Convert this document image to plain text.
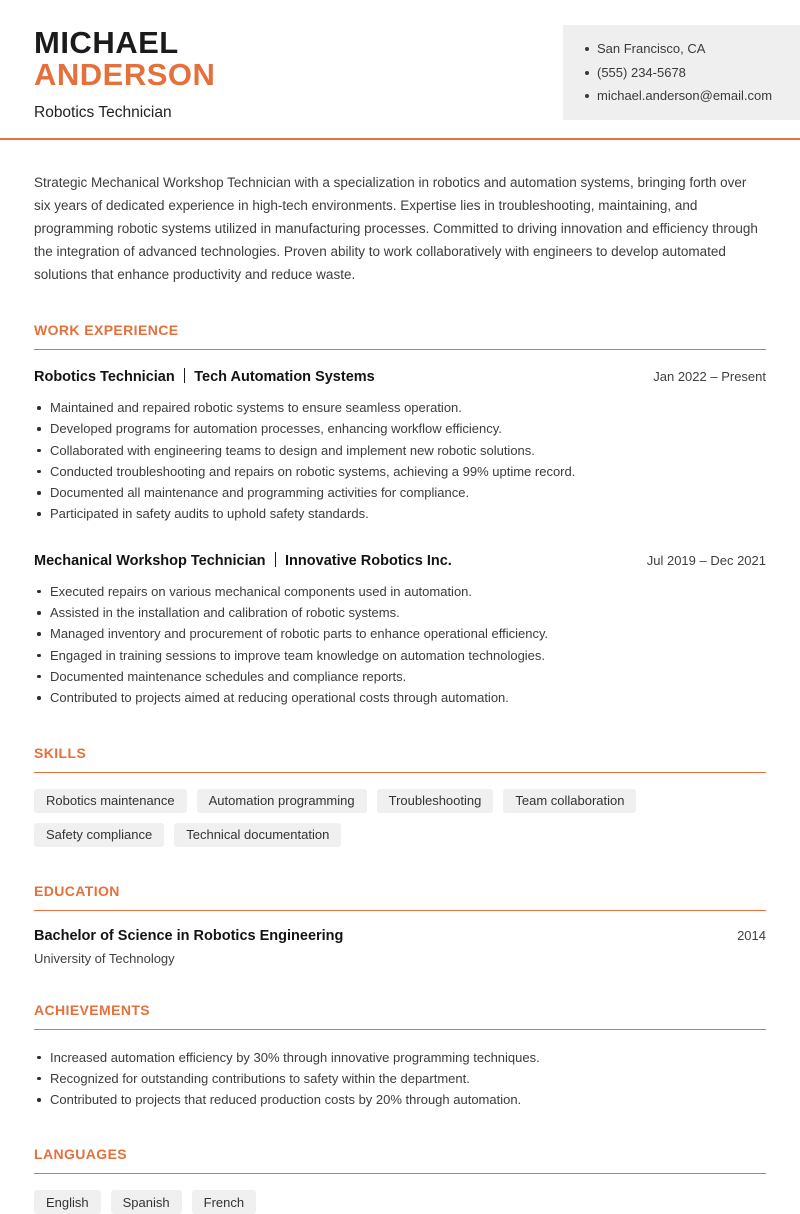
MICHAEL
ANDERSON
Robotics Technician
San Francisco, CA
(555) 234-5678
michael.anderson@email.com

Strategic Mechanical Workshop Technician with a specialization in robotics and automation systems, bringing forth over six years of dedicated experience in high-tech environments. Expertise lies in troubleshooting, maintaining, and programming robotic systems utilized in manufacturing processes. Committed to driving innovation and efficiency through the integration of advanced technologies. Proven ability to work collaboratively with engineers to develop automated solutions that enhance productivity and reduce waste.

WORK EXPERIENCE
Robotics Technician Tech Automation Systems	Jan 2022 – Present
Maintained and repaired robotic systems to ensure seamless operation.
Developed programs for automation processes, enhancing workflow efficiency.
Collaborated with engineering teams to design and implement new robotic solutions.
Conducted troubleshooting and repairs on robotic systems, achieving a 99% uptime record.
Documented all maintenance and programming activities for compliance.
Participated in safety audits to uphold safety standards.
Mechanical Workshop Technician Innovative Robotics Inc.	Jul 2019 – Dec 2021
Executed repairs on various mechanical components used in automation.
Assisted in the installation and calibration of robotic systems.
Managed inventory and procurement of robotic parts to enhance operational efficiency.
Engaged in training sessions to improve team knowledge on automation technologies.
Documented maintenance schedules and compliance reports.
Contributed to projects aimed at reducing operational costs through automation.
SKILLS
Robotics maintenance	Automation programming	Troubleshooting	Team collaboration
Safety compliance	Technical documentation
EDUCATION
Bachelor of Science in Robotics Engineering	2014
University of Technology
ACHIEVEMENTS
Increased automation efficiency by 30% through innovative programming techniques.
Recognized for outstanding contributions to safety within the department.
Contributed to projects that reduced production costs by 20% through automation.
LANGUAGES
English	Spanish	French
